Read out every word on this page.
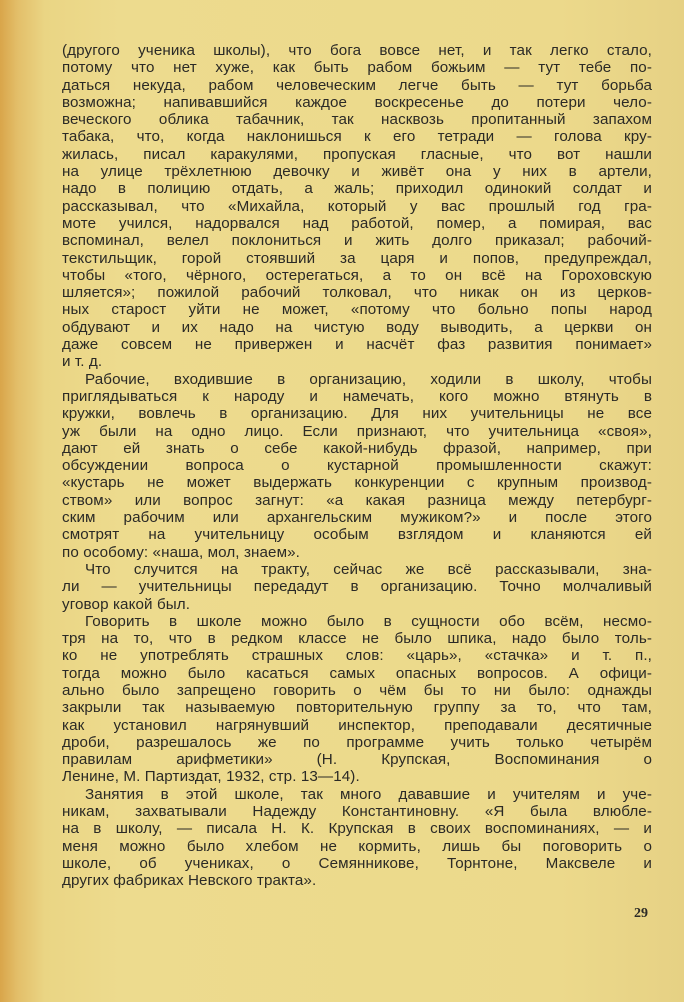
(другого ученика школы), что бога вовсе нет, и так легко стало,
потому что нет хуже, как быть рабом божьим — тут тебе по-
даться некуда, рабом человеческим легче быть — тут борьба
возможна; напивавшийся каждое воскресенье до потери чело-
веческого облика табачник, так насквозь пропитанный запахом
табака, что, когда наклонишься к его тетради — голова кру-
жилась, писал каракулями, пропуская гласные, что вот нашли
на улице трёхлетнюю девочку и живёт она у них в артели,
надо в полицию отдать, а жаль; приходил одинокий солдат и
рассказывал, что «Михайла, который у вас прошлый год гра-
моте учился, надорвался над работой, помер, а помирая, вас
вспоминал, велел поклониться и жить долго приказал; рабочий-
текстильщик, горой стоявший за царя и попов, предупреждал,
чтобы «того, чёрного, остерегаться, а то он всё на Гороховскую
шляется»; пожилой рабочий толковал, что никак он из церков-
ных старост уйти не может, «потому что больно попы народ
обдувают и их надо на чистую воду выводить, а церкви он
даже совсем не привержен и насчёт фаз развития понимает»
и т. д.
Рабочие, входившие в организацию, ходили в школу, чтобы
приглядываться к народу и намечать, кого можно втянуть в
кружки, вовлечь в организацию. Для них учительницы не все
уж были на одно лицо. Если признают, что учительница «своя»,
дают ей знать о себе какой-нибудь фразой, например, при
обсуждении вопроса о кустарной промышленности скажут:
«кустарь не может выдержать конкуренции с крупным производ-
ством» или вопрос загнут: «а какая разница между петербург-
ским рабочим или архангельским мужиком?» и после этого
смотрят на учительницу особым взглядом и кланяются ей
по особому: «наша, мол, знаем».
Что случится на тракту, сейчас же всё рассказывали, зна-
ли — учительницы передадут в организацию. Точно молчаливый
уговор какой был.
Говорить в школе можно было в сущности обо всём, несмо-
тря на то, что в редком классе не было шпика, надо было толь-
ко не употреблять страшных слов: «царь», «стачка» и т. п.,
тогда можно было касаться самых опасных вопросов. А офици-
ально было запрещено говорить о чём бы то ни было: однажды
закрыли так называемую повторительную группу за то, что там,
как установил нагрянувший инспектор, преподавали десятичные
дроби, разрешалось же по программе учить только четырём
правилам арифметики» (Н. Крупская, Воспоминания о
Ленине, М. Партиздат, 1932, стр. 13—14).
Занятия в этой школе, так много дававшие и учителям и уче-
никам, захватывали Надежду Константиновну. «Я была влюбле-
на в школу, — писала Н. К. Крупская в своих воспоминаниях, — и
меня можно было хлебом не кормить, лишь бы поговорить о
школе, об учениках, о Семянникове, Торнтоне, Максвеле и
других фабриках Невского тракта».
29
